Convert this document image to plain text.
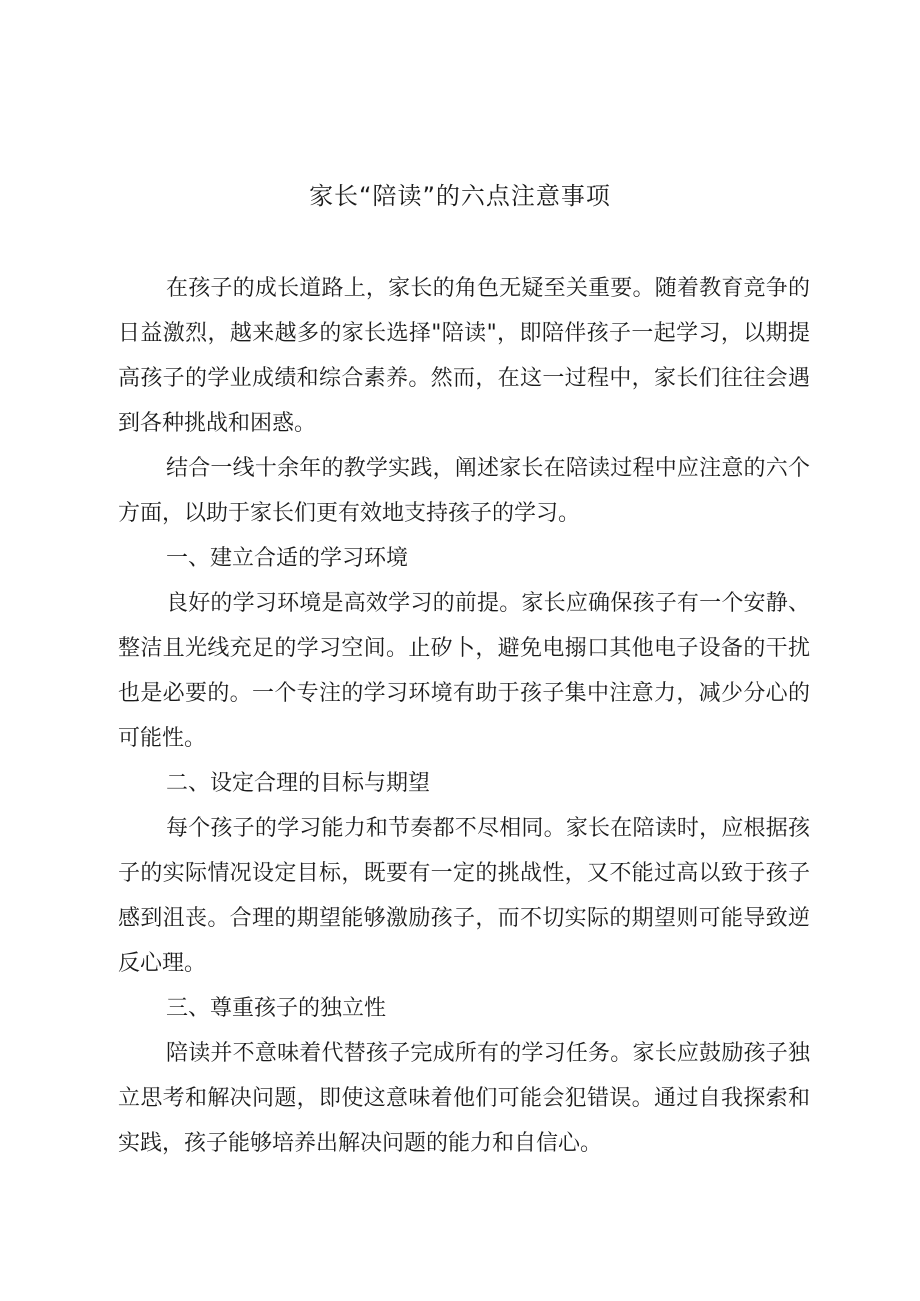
家长“陪读”的六点注意事项

在孩子的成长道路上，家长的角色无疑至关重要。随着教育竞争的日益激烈，越来越多的家长选择"陪读"，即陪伴孩子一起学习，以期提高孩子的学业成绩和综合素养。然而，在这一过程中，家长们往往会遇到各种挑战和困惑。

结合一线十余年的教学实践，阐述家长在陪读过程中应注意的六个方面，以助于家长们更有效地支持孩子的学习。

一、建立合适的学习环境

良好的学习环境是高效学习的前提。家长应确保孩子有一个安静、整洁且光线充足的学习空间。止矽卜，避免电搦口其他电子设备的干扰也是必要的。一个专注的学习环境有助于孩子集中注意力，减少分心的可能性。

二、设定合理的目标与期望

每个孩子的学习能力和节奏都不尽相同。家长在陪读时，应根据孩子的实际情况设定目标，既要有一定的挑战性，又不能过高以致于孩子感到沮丧。合理的期望能够激励孩子，而不切实际的期望则可能导致逆反心理。

三、尊重孩子的独立性

陪读并不意味着代替孩子完成所有的学习任务。家长应鼓励孩子独立思考和解决问题，即使这意味着他们可能会犯错误。通过自我探索和实践，孩子能够培养出解决问题的能力和自信心。
